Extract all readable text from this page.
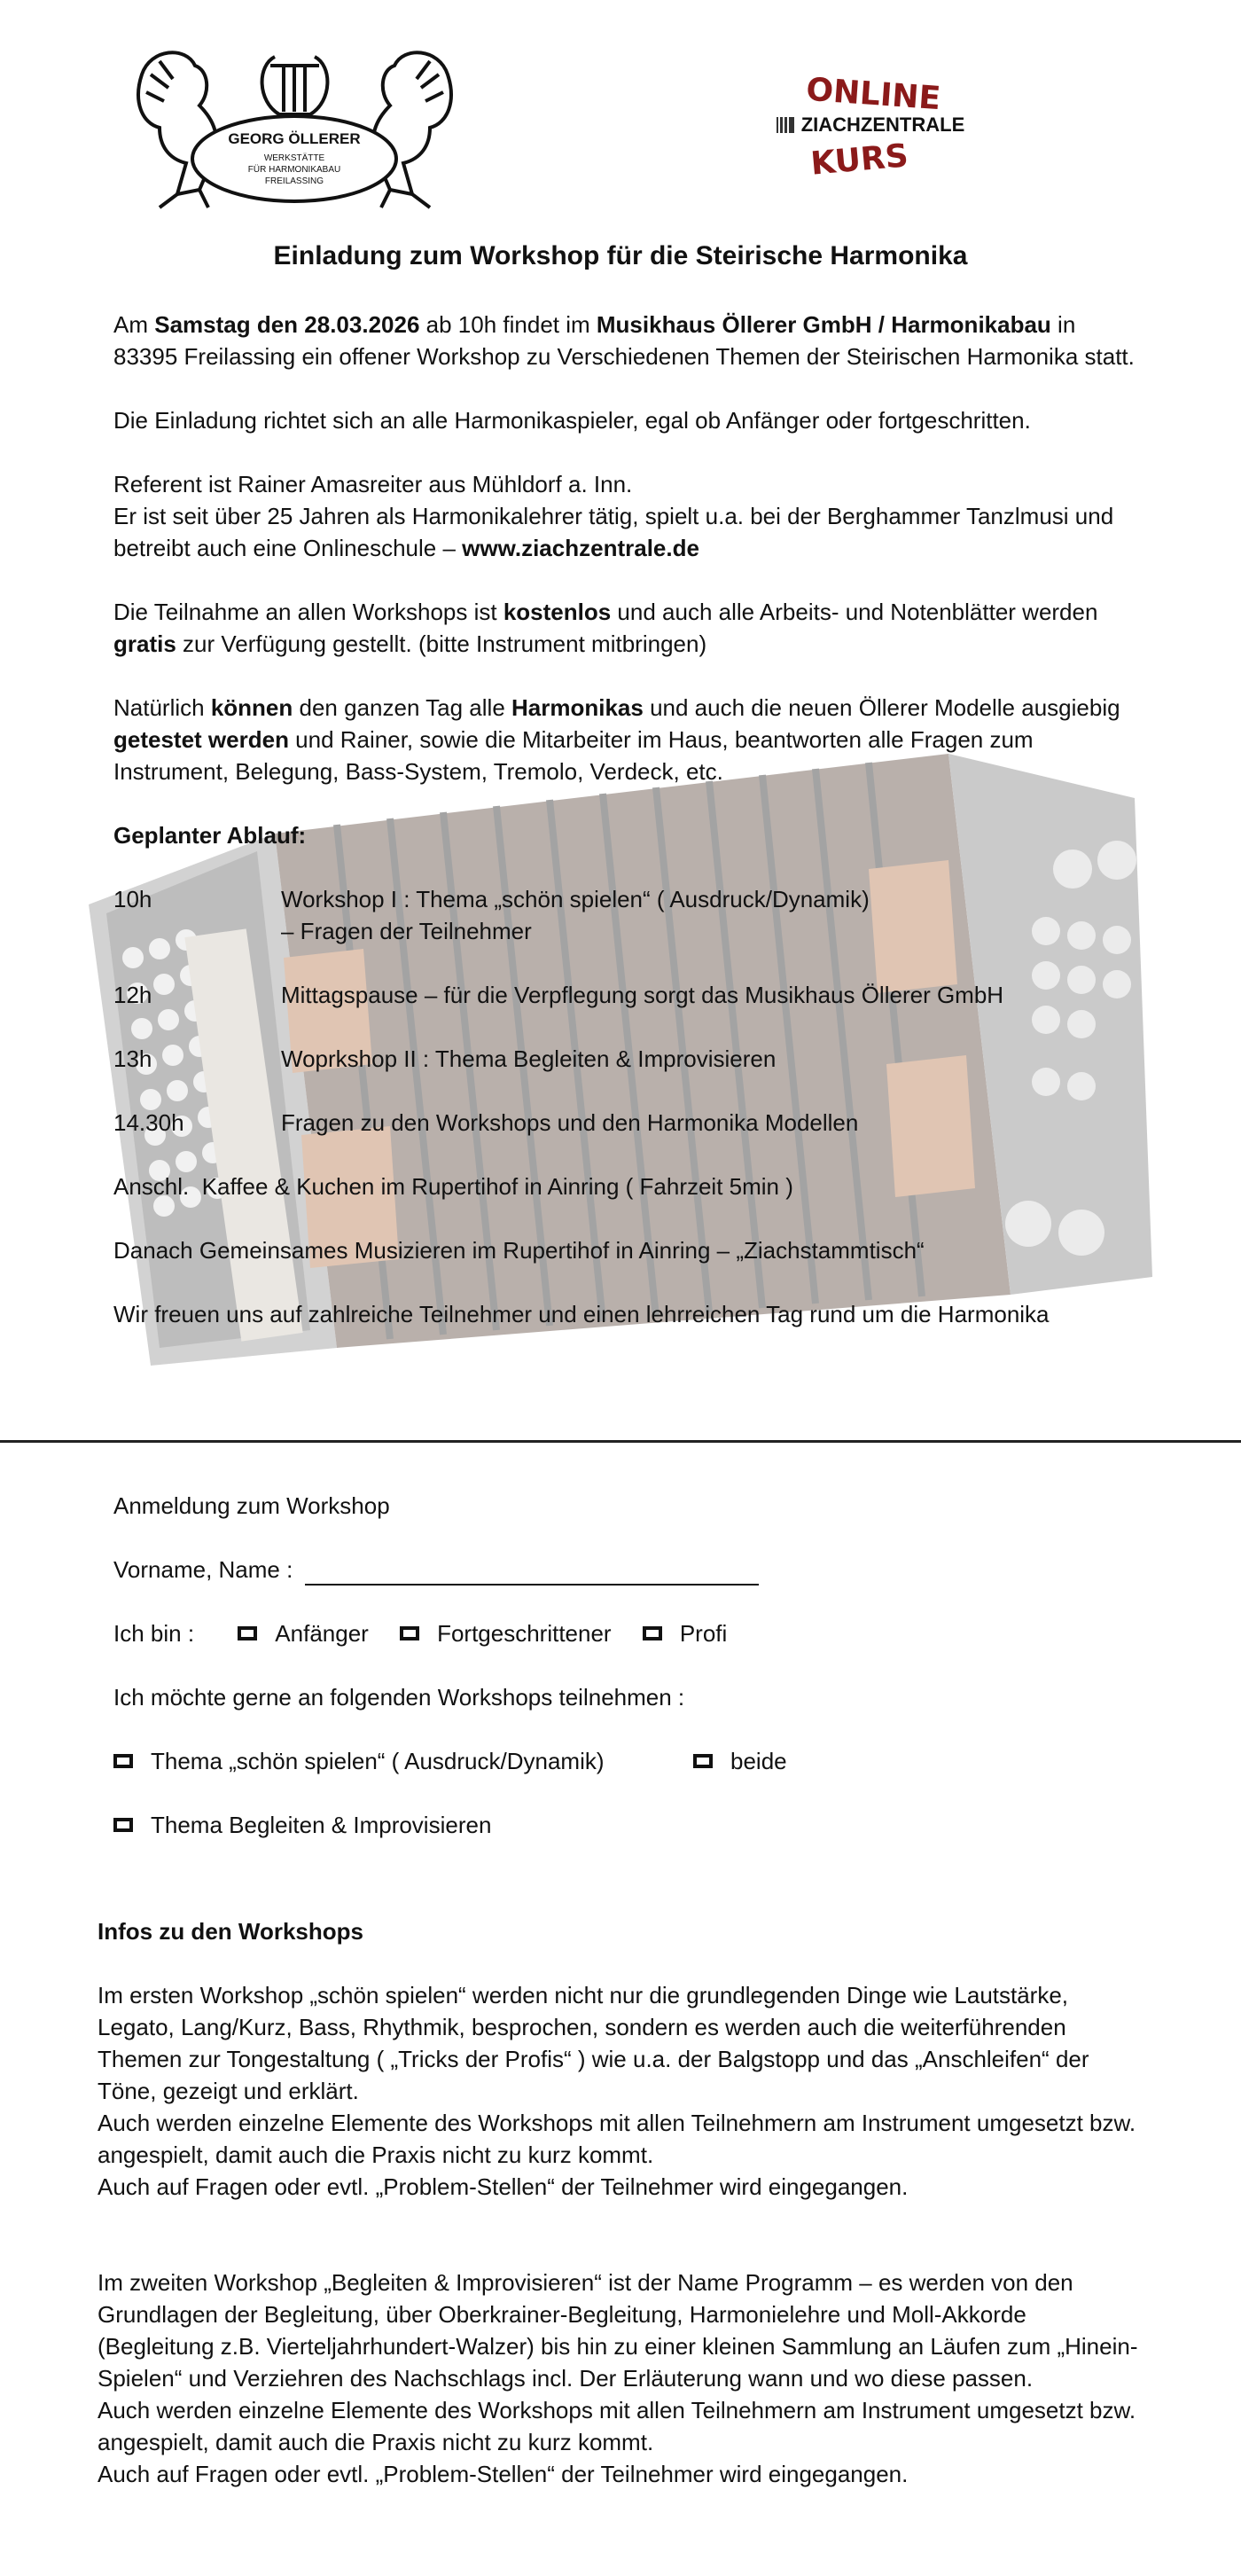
GEORG ÖLLERER
WERKSTÄTTE
FÜR HARMONIKABAU
FREILASSING
ONLINE
ZIACHZENTRALE
KURS
Einladung zum Workshop für die Steirische Harmonika
Am Samstag den 28.03.2026 ab 10h findet im Musikhaus Öllerer GmbH / Harmonikabau in
83395 Freilassing ein offener Workshop zu Verschiedenen Themen der Steirischen Harmonika statt.
Die Einladung richtet sich an alle Harmonikaspieler, egal ob Anfänger oder fortgeschritten.
Referent ist Rainer Amasreiter aus Mühldorf a. Inn.
Er ist seit über 25 Jahren als Harmonikalehrer tätig, spielt u.a. bei der Berghammer Tanzlmusi und
betreibt auch eine Onlineschule – www.ziachzentrale.de
Die Teilnahme an allen Workshops ist kostenlos und auch alle Arbeits- und Notenblätter werden
gratis zur Verfügung gestellt. (bitte Instrument mitbringen)
Natürlich können den ganzen Tag alle Harmonikas und auch die neuen Öllerer Modelle ausgiebig
getestet werden und Rainer, sowie die Mitarbeiter im Haus, beantworten alle Fragen zum
Instrument, Belegung, Bass-System, Tremolo, Verdeck, etc.
Geplanter Ablauf:
10h	Workshop I : Thema „schön spielen“ ( Ausdruck/Dynamik)
– Fragen der Teilnehmer
12h	Mittagspause – für die Verpflegung sorgt das Musikhaus Öllerer GmbH
13h	Woprkshop II : Thema Begleiten & Improvisieren
14.30h	Fragen zu den Workshops und den Harmonika Modellen
Anschl. Kaffee & Kuchen im Rupertihof in Ainring ( Fahrzeit 5min )
Danach Gemeinsames Musizieren im Rupertihof in Ainring – „Ziachstammtisch“
Wir freuen uns auf zahlreiche Teilnehmer und einen lehrreichen Tag rund um die Harmonika
Anmeldung zum Workshop
Vorname, Name :
Ich bin :	Anfänger	Fortgeschrittener	Profi
Ich möchte gerne an folgenden Workshops teilnehmen :
Thema „schön spielen“ ( Ausdruck/Dynamik)	beide
Thema Begleiten & Improvisieren
Infos zu den Workshops
Im ersten Workshop „schön spielen“ werden nicht nur die grundlegenden Dinge wie Lautstärke,
Legato, Lang/Kurz, Bass, Rhythmik, besprochen, sondern es werden auch die weiterführenden
Themen zur Tongestaltung ( „Tricks der Profis“ ) wie u.a. der Balgstopp und das „Anschleifen“ der
Töne, gezeigt und erklärt.
Auch werden einzelne Elemente des Workshops mit allen Teilnehmern am Instrument umgesetzt bzw.
angespielt, damit auch die Praxis nicht zu kurz kommt.
Auch auf Fragen oder evtl. „Problem-Stellen“ der Teilnehmer wird eingegangen.
Im zweiten Workshop „Begleiten & Improvisieren“ ist der Name Programm – es werden von den
Grundlagen der Begleitung, über Oberkrainer-Begleitung, Harmonielehre und Moll-Akkorde
(Begleitung z.B. Vierteljahrhundert-Walzer) bis hin zu einer kleinen Sammlung an Läufen zum „Hinein-
Spielen“ und Verziehren des Nachschlags incl. Der Erläuterung wann und wo diese passen.
Auch werden einzelne Elemente des Workshops mit allen Teilnehmern am Instrument umgesetzt bzw.
angespielt, damit auch die Praxis nicht zu kurz kommt.
Auch auf Fragen oder evtl. „Problem-Stellen“ der Teilnehmer wird eingegangen.
